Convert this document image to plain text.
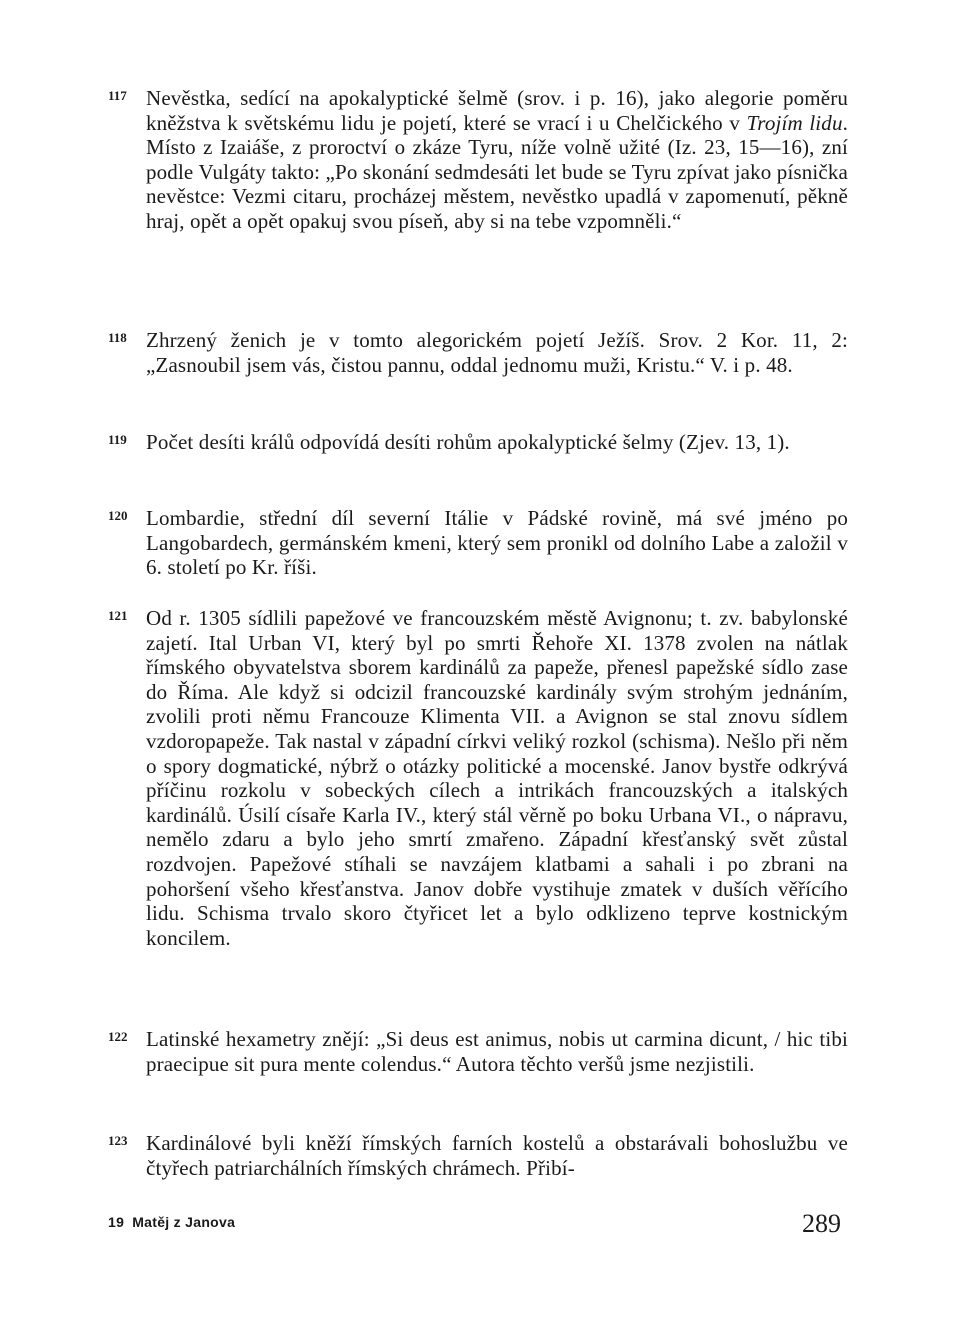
117 Nevěstka, sedící na apokalyptické šelmě (srov. i p. 16), jako alegorie poměru kněžstva k světskému lidu je pojetí, které se vrací i u Chelčického v Trojím lidu. Místo z Izaiáše, z proroctví o zkáze Tyru, níže volně užité (Iz. 23, 15—16), zní podle Vulgáty takto: „Po skonání sedmdesáti let bude se Tyru zpívat jako písnička nevěstce: Vezmi citaru, procházej městem, nevěstko upadlá v zapomenutí, pěkně hraj, opět a opět opakuj svou píseň, aby si na tebe vzpomněli.“
118 Zhrzený ženich je v tomto alegorickém pojetí Ježíš. Srov. 2 Kor. 11, 2: „Zasnoubil jsem vás, čistou pannu, oddal jednomu muži, Kristu.“ V. i p. 48.
119 Počet desíti králů odpovídá desíti rohům apokalyptické šelmy (Zjev. 13, 1).
120 Lombardie, střední díl severní Itálie v Pádské rovině, má své jméno po Langobardech, germánském kmeni, který sem pronikl od dolního Labe a založil v 6. století po Kr. říši.
121 Od r. 1305 sídlili papežové ve francouzském městě Avignonu; t. zv. babylonské zajetí. Ital Urban VI, který byl po smrti Řehoře XI. 1378 zvolen na nátlak římského obyvatelstva sborem kardinálů za papeže, přenesl papežské sídlo zase do Říma. Ale když si odcizil francouzské kardinály svým strohým jednáním, zvolili proti němu Francouze Klimenta VII. a Avignon se stal znovu sídlem vzdoropapeže. Tak nastal v západní církvi veliký rozkol (schisma). Nešlo při něm o spory dogmatické, nýbrž o otázky politické a mocenské. Janov bystře odkrývá příčinu rozkolu v sobeckých cílech a intrikách francouzských a italských kardinálů. Úsilí císaře Karla IV., který stál věrně po boku Urbana VI., o nápravu, nemělo zdaru a bylo jeho smrtí zmařeno. Západní křesťanský svět zůstal rozdvojen. Papežové stíhali se navzájem klatbami a sahali i po zbrani na pohoršení všeho křesťanstva. Janov dobře vystihuje zmatek v duších věřícího lidu. Schisma trvalo skoro čtyřicet let a bylo odklizeno teprve kostnickým koncilem.
122 Latinské hexametry znějí: „Si deus est animus, nobis ut carmina dicunt, / hic tibi praecipue sit pura mente colendus.“ Autora těchto veršů jsme nezjistili.
123 Kardinálové byli kněží římských farních kostelů a obstarávali bohoslužbu ve čtyřech patriarchálních římských chrámech. Přibí-
19 Matěj z Janova	289
